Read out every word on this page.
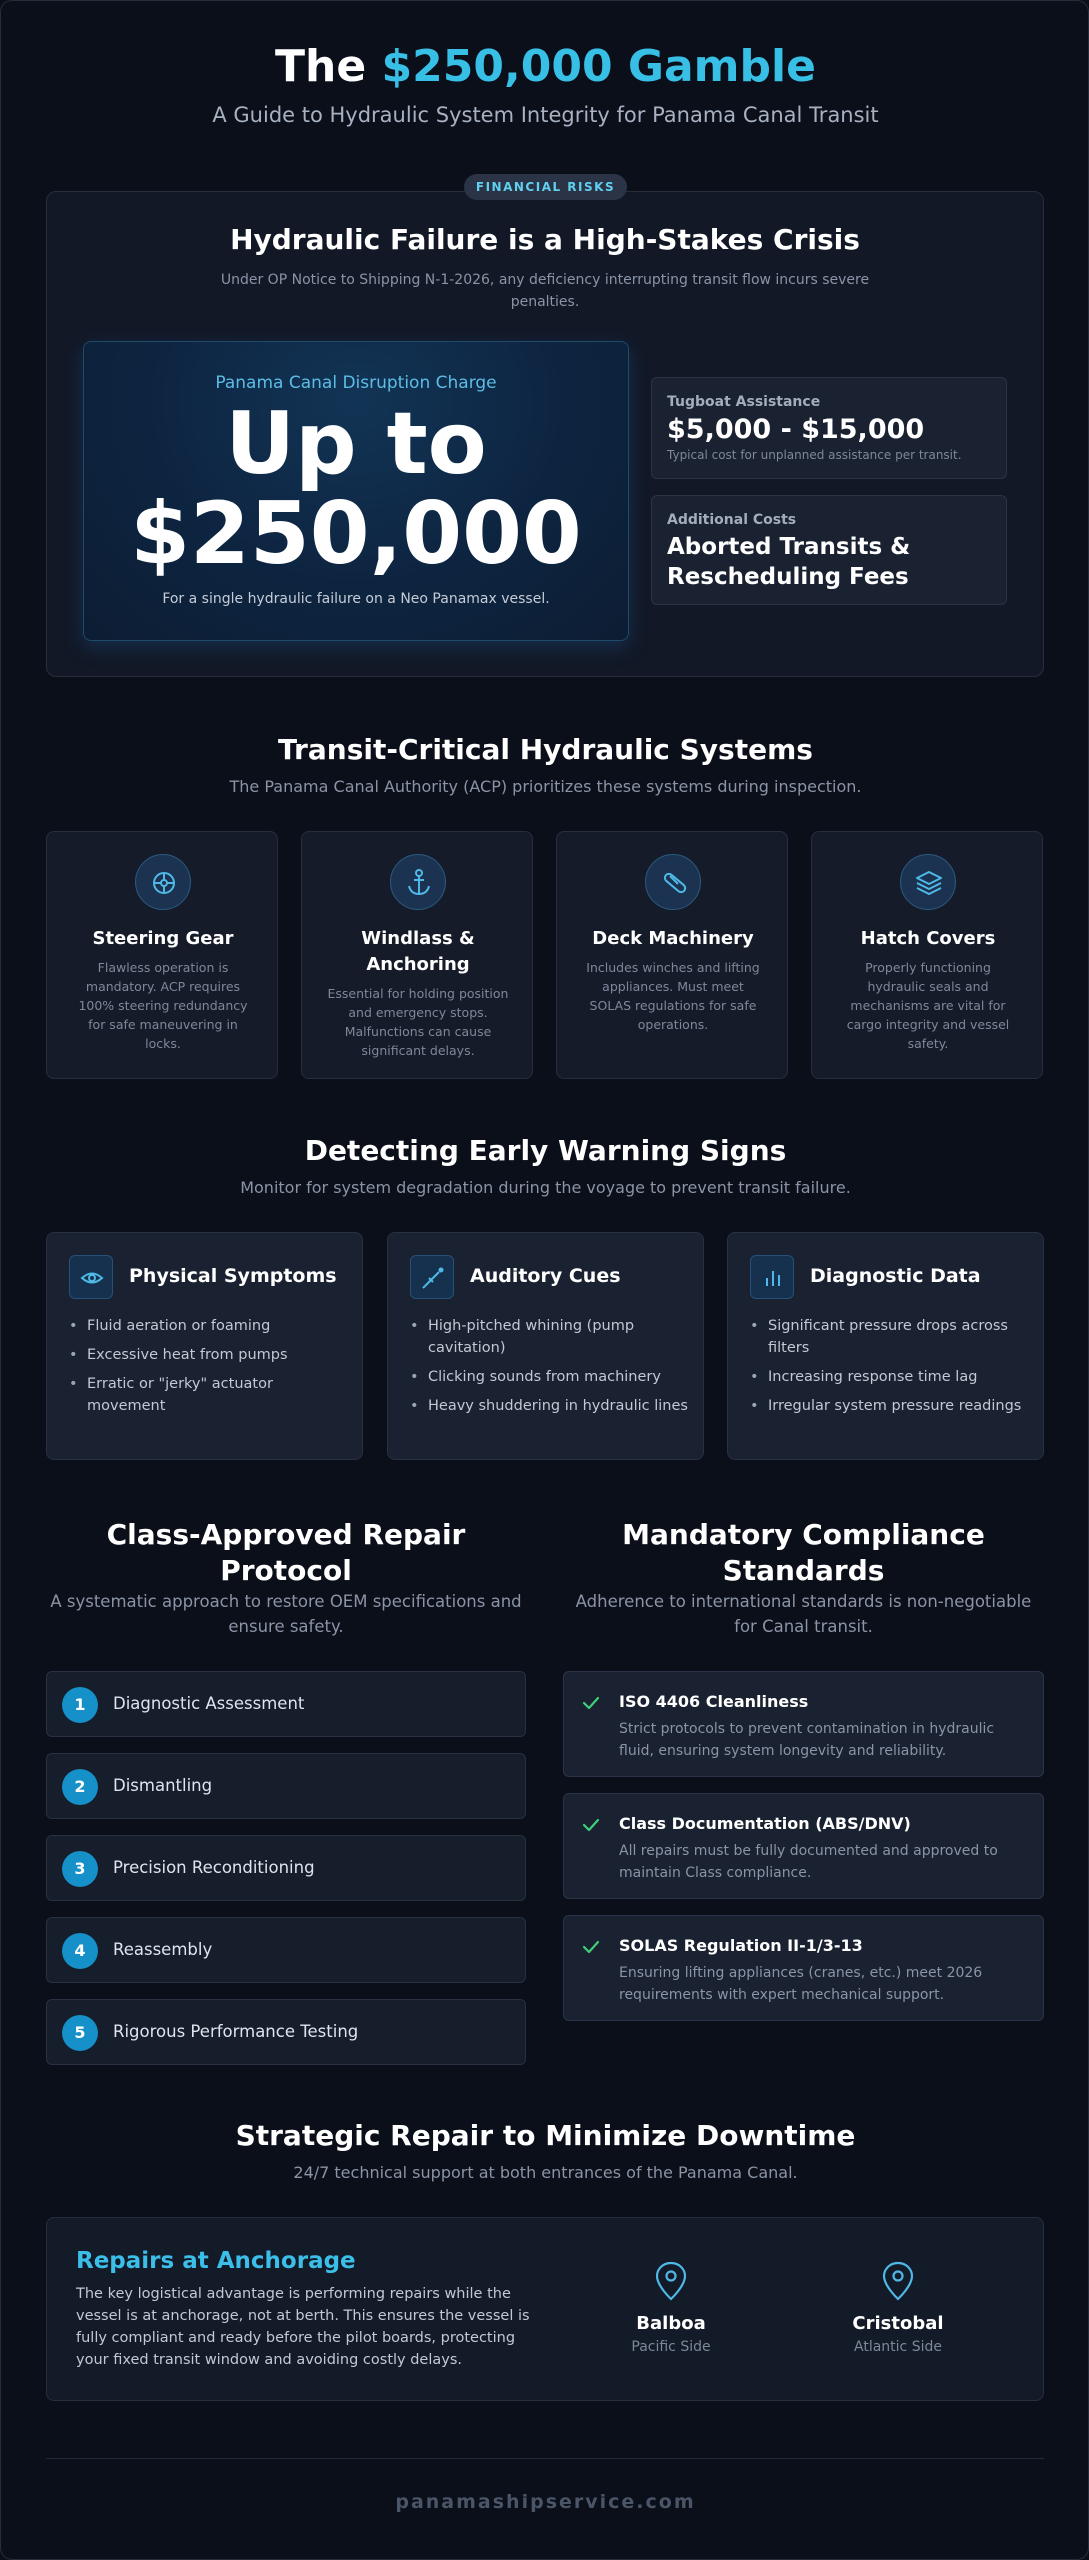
The $250,000 Gamble
A Guide to Hydraulic System Integrity for Panama Canal Transit
FINANCIAL RISKS
Hydraulic Failure is a High-Stakes Crisis
Under OP Notice to Shipping N-1-2026, any deficiency interrupting transit flow incurs severe penalties.
Panama Canal Disruption Charge
Up to
$250,000
For a single hydraulic failure on a Neo Panamax vessel.
Tugboat Assistance
$5,000 - $15,000
Typical cost for unplanned assistance per transit.
Additional Costs
Aborted Transits & Rescheduling Fees
Transit-Critical Hydraulic Systems
The Panama Canal Authority (ACP) prioritizes these systems during inspection.
Steering Gear
Flawless operation is mandatory. ACP requires 100% steering redundancy for safe maneuvering in locks.
Windlass & Anchoring
Essential for holding position and emergency stops. Malfunctions can cause significant delays.
Deck Machinery
Includes winches and lifting appliances. Must meet SOLAS regulations for safe operations.
Hatch Covers
Properly functioning hydraulic seals and mechanisms are vital for cargo integrity and vessel safety.
Detecting Early Warning Signs
Monitor for system degradation during the voyage to prevent transit failure.
Physical Symptoms
• Fluid aeration or foaming
• Excessive heat from pumps
• Erratic or "jerky" actuator movement
Auditory Cues
• High-pitched whining (pump cavitation)
• Clicking sounds from machinery
• Heavy shuddering in hydraulic lines
Diagnostic Data
• Significant pressure drops across filters
• Increasing response time lag
• Irregular system pressure readings
Class-Approved Repair Protocol
A systematic approach to restore OEM specifications and ensure safety.
1	Diagnostic Assessment
2	Dismantling
3	Precision Reconditioning
4	Reassembly
5	Rigorous Performance Testing
Mandatory Compliance Standards
Adherence to international standards is non-negotiable for Canal transit.
ISO 4406 Cleanliness
Strict protocols to prevent contamination in hydraulic fluid, ensuring system longevity and reliability.
Class Documentation (ABS/DNV)
All repairs must be fully documented and approved to maintain Class compliance.
SOLAS Regulation II-1/3-13
Ensuring lifting appliances (cranes, etc.) meet 2026 requirements with expert mechanical support.
Strategic Repair to Minimize Downtime
24/7 technical support at both entrances of the Panama Canal.
Repairs at Anchorage
The key logistical advantage is performing repairs while the vessel is at anchorage, not at berth. This ensures the vessel is fully compliant and ready before the pilot boards, protecting your fixed transit window and avoiding costly delays.
Balboa
Pacific Side
Cristobal
Atlantic Side
panamashipservice.com
